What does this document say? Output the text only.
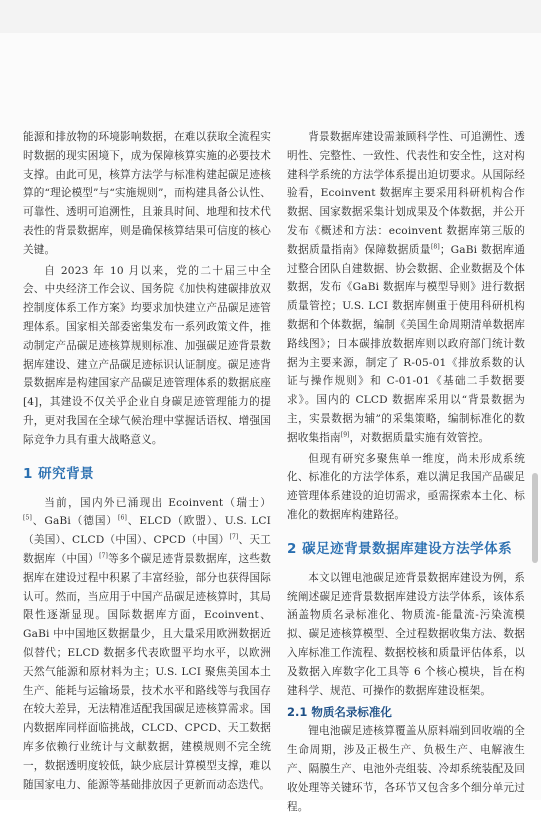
能源和排放物的环境影响数据，在难以获取全流程实时数据的现实困境下，成为保障核算实施的必要技术支撑。由此可见，核算方法学与标准构建起碳足迹核算的“理论模型”与“实施规则”，而构建具备公认性、可靠性、透明可追溯性，且兼具时间、地理和技术代表性的背景数据库，则是确保核算结果可信度的核心关键。

自 2023 年 10 月以来，党的二十届三中全会、中央经济工作会议、国务院《加快构建碳排放双控制度体系工作方案》均要求加快建立产品碳足迹管理体系。国家相关部委密集发布一系列政策文件，推动制定产品碳足迹核算规则标准、加强碳足迹背景数据库建设、建立产品碳足迹标识认证制度。碳足迹背景数据库是构建国家产品碳足迹管理体系的数据底座[4]，其建设不仅关乎企业自身碳足迹管理能力的提升，更对我国在全球气候治理中掌握话语权、增强国际竞争力具有重大战略意义。

1 研究背景

当前，国内外已涌现出 Ecoinvent（瑞士）[5]、GaBi（德国）[6]、ELCD（欧盟）、U.S. LCI（美国）、CLCD（中国）、CPCD（中国）[7]、天工数据库（中国）[7]等多个碳足迹背景数据库，这些数据库在建设过程中积累了丰富经验，部分也获得国际认可。然而，当应用于中国产品碳足迹核算时，其局限性逐渐显现。国际数据库方面，Ecoinvent、GaBi 中中国地区数据量少，且大量采用欧洲数据近似替代；ELCD 数据多代表欧盟平均水平，以欧洲天然气能源和原材料为主；U.S. LCI 聚焦美国本土生产、能耗与运输场景，技术水平和路线等与我国存在较大差异，无法精准适配我国碳足迹核算需求。国内数据库同样面临挑战，CLCD、CPCD、天工数据库多依赖行业统计与文献数据，建模规则不完全统一，数据透明度较低，缺少底层计算模型支撑，难以随国家电力、能源等基础排放因子更新而动态迭代。

背景数据库建设需兼顾科学性、可追溯性、透明性、完整性、一致性、代表性和安全性，这对构建科学系统的方法学体系提出迫切要求。从国际经验看，Ecoinvent 数据库主要采用科研机构合作数据、国家数据采集计划成果及个体数据，并公开发布《概述和方法：ecoinvent 数据库第三版的数据质量指南》保障数据质量[8]；GaBi 数据库通过整合团队自建数据、协会数据、企业数据及个体数据，发布《GaBi 数据库与模型导则》进行数据质量管控；U.S. LCI 数据库侧重于使用科研机构数据和个体数据，编制《美国生命周期清单数据库路线图》；日本碳排放数据库则以政府部门统计数据为主要来源，制定了 R-05-01《排放系数的认证与操作规则》和 C-01-01《基础二手数据要求》。国内的 CLCD 数据库采用以“背景数据为主，实景数据为辅”的采集策略，编制标准化的数据收集指南[9]，对数据质量实施有效管控。

但现有研究多聚焦单一维度，尚未形成系统化、标准化的方法学体系，难以满足我国产品碳足迹管理体系建设的迫切需求，亟需探索本土化、标准化的数据库构建路径。

2 碳足迹背景数据库建设方法学体系

本文以锂电池碳足迹背景数据库建设为例，系统阐述碳足迹背景数据库建设方法学体系，该体系涵盖物质名录标准化、物质流-能量流-污染流模拟、碳足迹核算模型、全过程数据收集方法、数据入库标准工作流程、数据校核和质量评估体系，以及数据入库数字化工具等 6 个核心模块，旨在构建科学、规范、可操作的数据库建设框架。

2.1 物质名录标准化

锂电池碳足迹核算覆盖从原料端到回收端的全生命周期，涉及正极生产、负极生产、电解液生产、隔膜生产、电池外壳组装、冷却系统装配及回收处理等关键环节，各环节又包含多个细分单元过程。
